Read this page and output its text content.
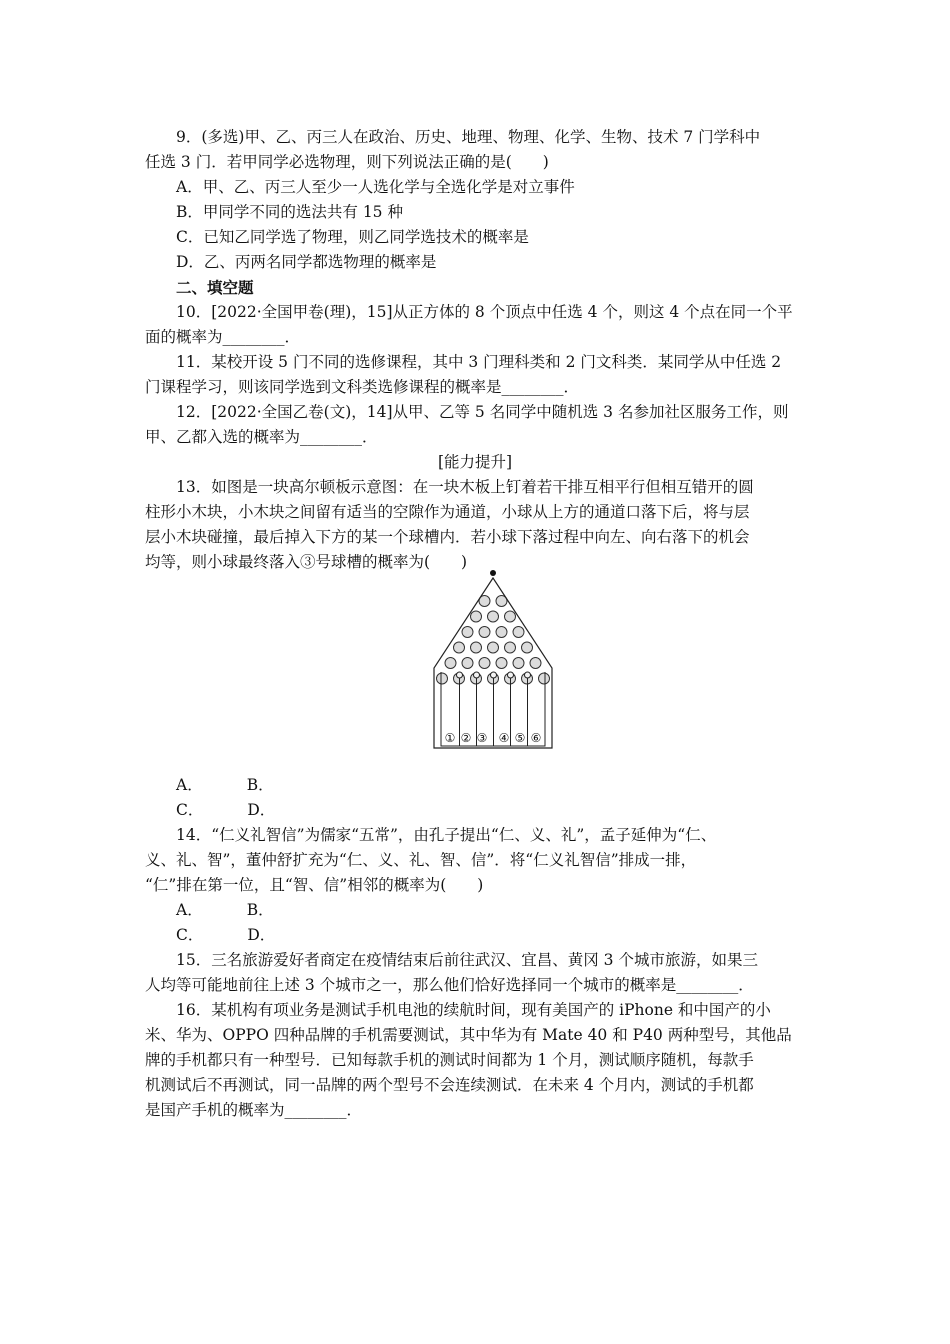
9．(多选)甲、乙、丙三人在政治、历史、地理、物理、化学、生物、技术 7 门学科中
任选 3 门．若甲同学必选物理，则下列说法正确的是(　　)
A．甲、乙、丙三人至少一人选化学与全选化学是对立事件
B．甲同学不同的选法共有 15 种
C．已知乙同学选了物理，则乙同学选技术的概率是
D．乙、丙两名同学都选物理的概率是
二、填空题
10．[2022·全国甲卷(理)，15]从正方体的 8 个顶点中任选 4 个，则这 4 个点在同一个平
面的概率为________．
11．某校开设 5 门不同的选修课程，其中 3 门理科类和 2 门文科类．某同学从中任选 2
门课程学习，则该同学选到文科类选修课程的概率是________．
12．[2022·全国乙卷(文)，14]从甲、乙等 5 名同学中随机选 3 名参加社区服务工作，则
甲、乙都入选的概率为________．
[能力提升]
13．如图是一块高尔顿板示意图：在一块木板上钉着若干排互相平行但相互错开的圆
柱形小木块，小木块之间留有适当的空隙作为通道，小球从上方的通道口落下后，将与层
层小木块碰撞，最后掉入下方的某一个球槽内．若小球下落过程中向左、向右落下的机会
均等，则小球最终落入③号球槽的概率为(　　)
① ② ③ ④ ⑤ ⑥
A．	B．
C．	D．
14．“仁义礼智信”为儒家“五常”，由孔子提出“仁、义、礼”，孟子延伸为“仁、
义、礼、智”，董仲舒扩充为“仁、义、礼、智、信”．将“仁义礼智信”排成一排，
“仁”排在第一位，且“智、信”相邻的概率为(　　)
A．	B．
C．	D．
15．三名旅游爱好者商定在疫情结束后前往武汉、宜昌、黄冈 3 个城市旅游，如果三
人均等可能地前往上述 3 个城市之一，那么他们恰好选择同一个城市的概率是________．
16．某机构有项业务是测试手机电池的续航时间，现有美国产的 iPhone 和中国产的小
米、华为、OPPO 四种品牌的手机需要测试，其中华为有 Mate 40 和 P40 两种型号，其他品
牌的手机都只有一种型号．已知每款手机的测试时间都为 1 个月，测试顺序随机，每款手
机测试后不再测试，同一品牌的两个型号不会连续测试．在未来 4 个月内，测试的手机都
是国产手机的概率为________．
